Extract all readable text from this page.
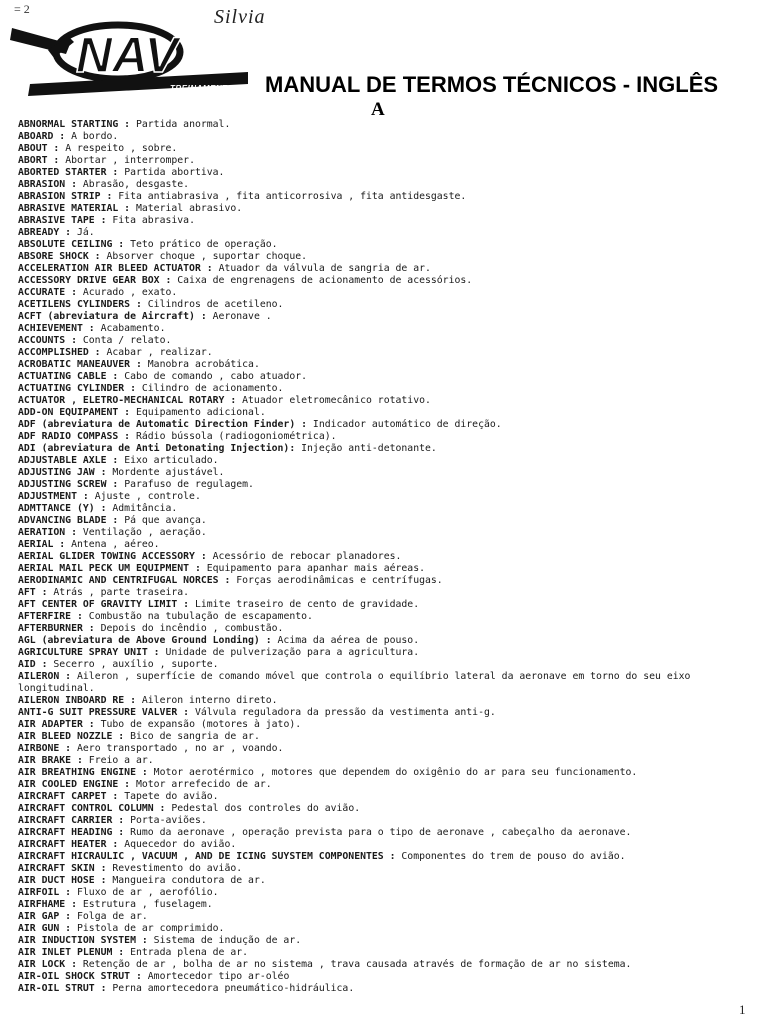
= 2	Silvia
NAV
TREINAMENTOS MANUAL DE TERMOS TÉCNICOS - INGLÊS
A
ABNORMAL STARTING : Partida anormal.
ABOARD : A bordo.
ABOUT : A respeito , sobre.
ABORT : Abortar , interromper.
ABORTED STARTER : Partida abortiva.
ABRASION : Abrasão, desgaste.
ABRASION STRIP : Fita antiabrasiva , fita anticorrosiva , fita antidesgaste.
ABRASIVE MATERIAL : Material abrasivo.
ABRASIVE TAPE : Fita abrasiva.
ABREADY : Já.
ABSOLUTE CEILING : Teto prático de operação.
ABSORE SHOCK : Absorver choque , suportar choque.
ACCELERATION AIR BLEED ACTUATOR : Atuador da válvula de sangria de ar.
ACCESSORY DRIVE GEAR BOX : Caixa de engrenagens de acionamento de acessórios.
ACCURATE : Acurado , exato.
ACETILENS CYLINDERS : Cilindros de acetileno.
ACFT (abreviatura de Aircraft) : Aeronave .
ACHIEVEMENT : Acabamento.
ACCOUNTS : Conta / relato.
ACCOMPLISHED : Acabar , realizar.
ACROBATIC MANEAUVER : Manobra acrobática.
ACTUATING CABLE : Cabo de comando , cabo atuador.
ACTUATING CYLINDER : Cilindro de acionamento.
ACTUATOR , ELETRO-MECHANICAL ROTARY : Atuador eletromecânico rotativo.
ADD-ON EQUIPAMENT : Equipamento adicional.
ADF (abreviatura de Automatic Direction Finder) : Indicador automático de direção.
ADF RADIO COMPASS : Rádio bússola (radiogoniométrica).
ADI (abreviatura de Anti Detonating Injection): Injeção anti-detonante.
ADJUSTABLE AXLE : Eixo articulado.
ADJUSTING JAW : Mordente ajustável.
ADJUSTING SCREW : Parafuso de regulagem.
ADJUSTMENT : Ajuste , controle.
ADMTTANCE (Y) : Admitância.
ADVANCING BLADE : Pá que avança.
AERATION : Ventilação , aeração.
AERIAL : Antena , aéreo.
AERIAL GLIDER TOWING ACCESSORY : Acessório de rebocar planadores.
AERIAL MAIL PECK UM EQUIPMENT : Equipamento para apanhar mais aéreas.
AERODINAMIC AND CENTRIFUGAL NORCES : Forças aerodinâmicas e centrífugas.
AFT : Atrás , parte traseira.
AFT CENTER OF GRAVITY LIMIT : Limite traseiro de cento de gravidade.
AFTERFIRE : Combustão na tubulação de escapamento.
AFTERBURNER : Depois do incêndio , combustão.
AGL (abreviatura de Above Ground Londing) : Acima da aérea de pouso.
AGRICULTURE SPRAY UNIT : Unidade de pulverização para a agricultura.
AID : Secerro , auxílio , suporte.
AILERON : Aileron , superfície de comando móvel que controla o equilíbrio lateral da aeronave em torno do seu eixo longitudinal.
AILERON INBOARD RE : Aileron interno direto.
ANTI-G SUIT PRESSURE VALVER : Válvula reguladora da pressão da vestimenta anti-g.
AIR ADAPTER : Tubo de expansão (motores à jato).
AIR BLEED NOZZLE : Bico de sangria de ar.
AIRBONE : Aero transportado , no ar , voando.
AIR BRAKE : Freio a ar.
AIR BREATHING ENGINE : Motor aerotérmico , motores que dependem do oxigênio do ar para seu funcionamento.
AIR COOLED ENGINE : Motor arrefecido de ar.
AIRCRAFT CARPET : Tapete do avião.
AIRCRAFT CONTROL COLUMN : Pedestal dos controles do avião.
AIRCRAFT CARRIER : Porta-aviões.
AIRCRAFT HEADING : Rumo da aeronave , operação prevista para o tipo de aeronave , cabeçalho da aeronave.
AIRCRAFT HEATER : Aquecedor do avião.
AIRCRAFT HICRAULIC , VACUUM , AND DE ICING SUYSTEM COMPONENTES : Componentes do trem de pouso do avião.
AIRCRAFT SKIN : Revestimento do avião.
AIR DUCT HOSE : Mangueira condutora de ar.
AIRFOIL : Fluxo de ar , aerofólio.
AIRFHAME : Estrutura , fuselagem.
AIR GAP : Folga de ar.
AIR GUN : Pistola de ar comprimido.
AIR INDUCTION SYSTEM : Sistema de indução de ar.
AIR INLET PLENUM : Entrada plena de ar.
AIR LOCK : Retenção de ar , bolha de ar no sistema , trava causada através de formação de ar no sistema.
AIR-OIL SHOCK STRUT : Amortecedor tipo ar-oléo
AIR-OIL STRUT : Perna amortecedora pneumático-hidráulica.
1
